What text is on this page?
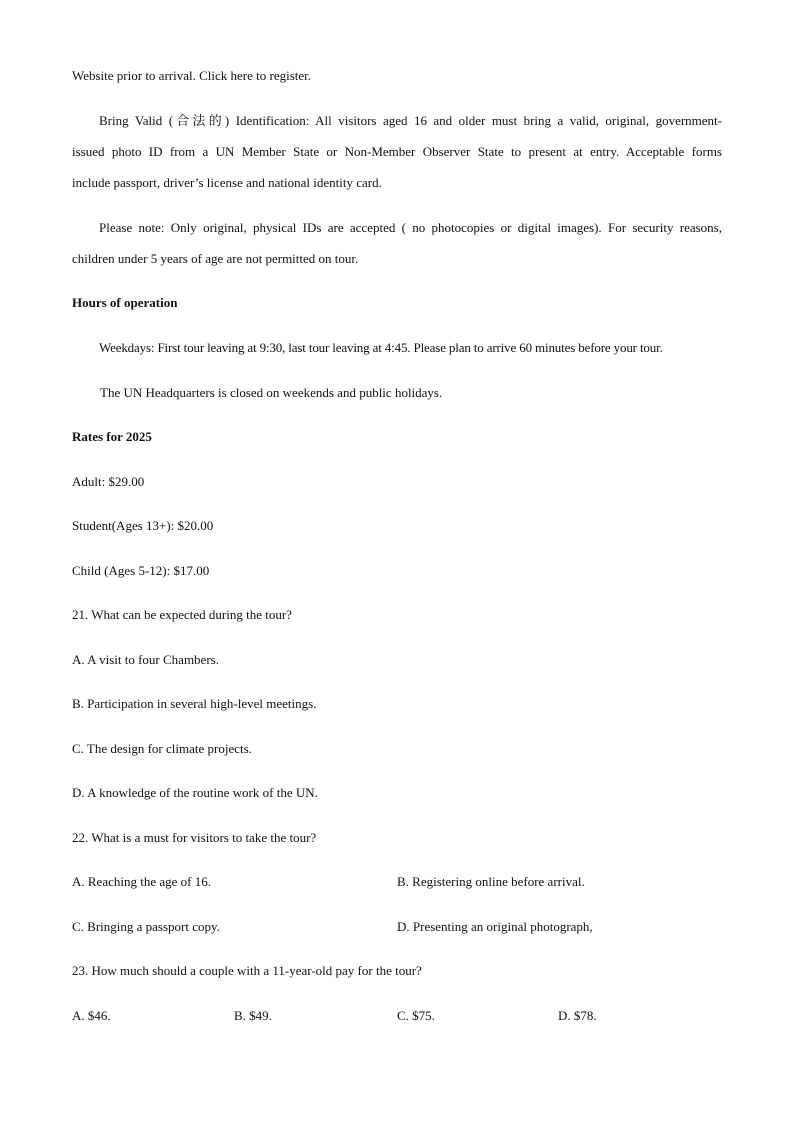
Website prior to arrival. Click here to register.
Bring Valid (合法的) Identification: All visitors aged 16 and older must bring a valid, original, government-
issued photo ID from a UN Member State or Non-Member Observer State to present at entry. Acceptable forms
include passport, driver’s license and national identity card.
Please note: Only original, physical IDs are accepted ( no photocopies or digital images). For security reasons,
children under 5 years of age are not permitted on tour.
Hours of operation
Weekdays: First tour leaving at 9:30, last tour leaving at 4:45. Please plan to arrive 60 minutes before your tour.
The UN Headquarters is closed on weekends and public holidays.
Rates for 2025
Adult: $29.00
Student(Ages 13+): $20.00
Child (Ages 5-12): $17.00
21. What can be expected during the tour?
A. A visit to four Chambers.
B. Participation in several high-level meetings.
C. The design for climate projects.
D. A knowledge of the routine work of the UN.
22. What is a must for visitors to take the tour?
A. Reaching the age of 16.	B. Registering online before arrival.
C. Bringing a passport copy.	D. Presenting an original photograph,
23. How much should a couple with a 11-year-old pay for the tour?
A. $46.	B. $49.	C. $75.	D. $78.
